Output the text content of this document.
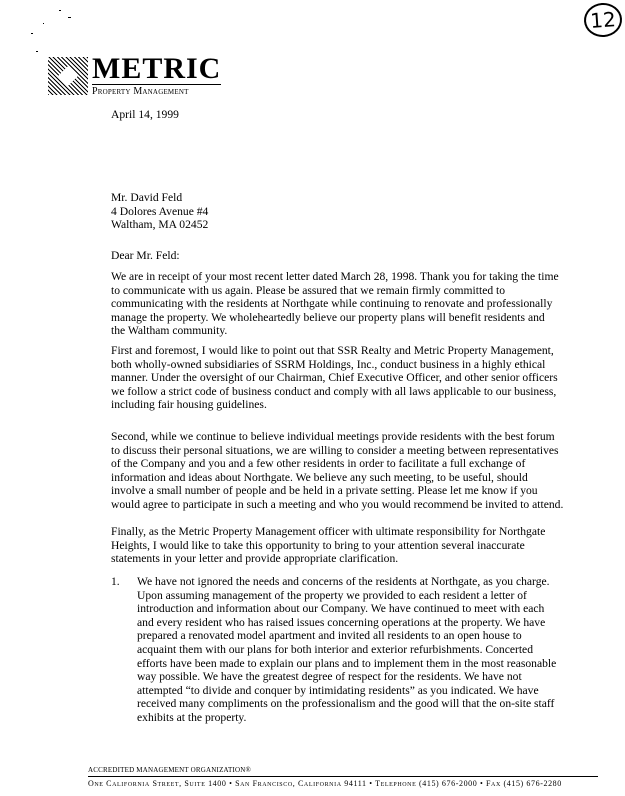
12
METRIC
Property Management
April 14, 1999
Mr. David Feld
4 Dolores Avenue #4
Waltham, MA 02452
Dear Mr. Feld:
We are in receipt of your most recent letter dated March 28, 1998. Thank you for taking the time
to communicate with us again. Please be assured that we remain firmly committed to
communicating with the residents at Northgate while continuing to renovate and professionally
manage the property. We wholeheartedly believe our property plans will benefit residents and
the Waltham community.
First and foremost, I would like to point out that SSR Realty and Metric Property Management,
both wholly-owned subsidiaries of SSRM Holdings, Inc., conduct business in a highly ethical
manner. Under the oversight of our Chairman, Chief Executive Officer, and other senior officers
we follow a strict code of business conduct and comply with all laws applicable to our business,
including fair housing guidelines.
Second, while we continue to believe individual meetings provide residents with the best forum
to discuss their personal situations, we are willing to consider a meeting between representatives
of the Company and you and a few other residents in order to facilitate a full exchange of
information and ideas about Northgate. We believe any such meeting, to be useful, should
involve a small number of people and be held in a private setting. Please let me know if you
would agree to participate in such a meeting and who you would recommend be invited to attend.
Finally, as the Metric Property Management officer with ultimate responsibility for Northgate
Heights, I would like to take this opportunity to bring to your attention several inaccurate
statements in your letter and provide appropriate clarification.
1. We have not ignored the needs and concerns of the residents at Northgate, as you charge.
Upon assuming management of the property we provided to each resident a letter of
introduction and information about our Company. We have continued to meet with each
and every resident who has raised issues concerning operations at the property. We have
prepared a renovated model apartment and invited all residents to an open house to
acquaint them with our plans for both interior and exterior refurbishments. Concerted
efforts have been made to explain our plans and to implement them in the most reasonable
way possible. We have the greatest degree of respect for the residents. We have not
attempted “to divide and conquer by intimidating residents” as you indicated. We have
received many compliments on the professionalism and the good will that the on-site staff
exhibits at the property.
ACCREDITED MANAGEMENT ORGANIZATION®
One California Street, Suite 1400 • San Francisco, California 94111 • Telephone (415) 676-2000 • Fax (415) 676-2280
